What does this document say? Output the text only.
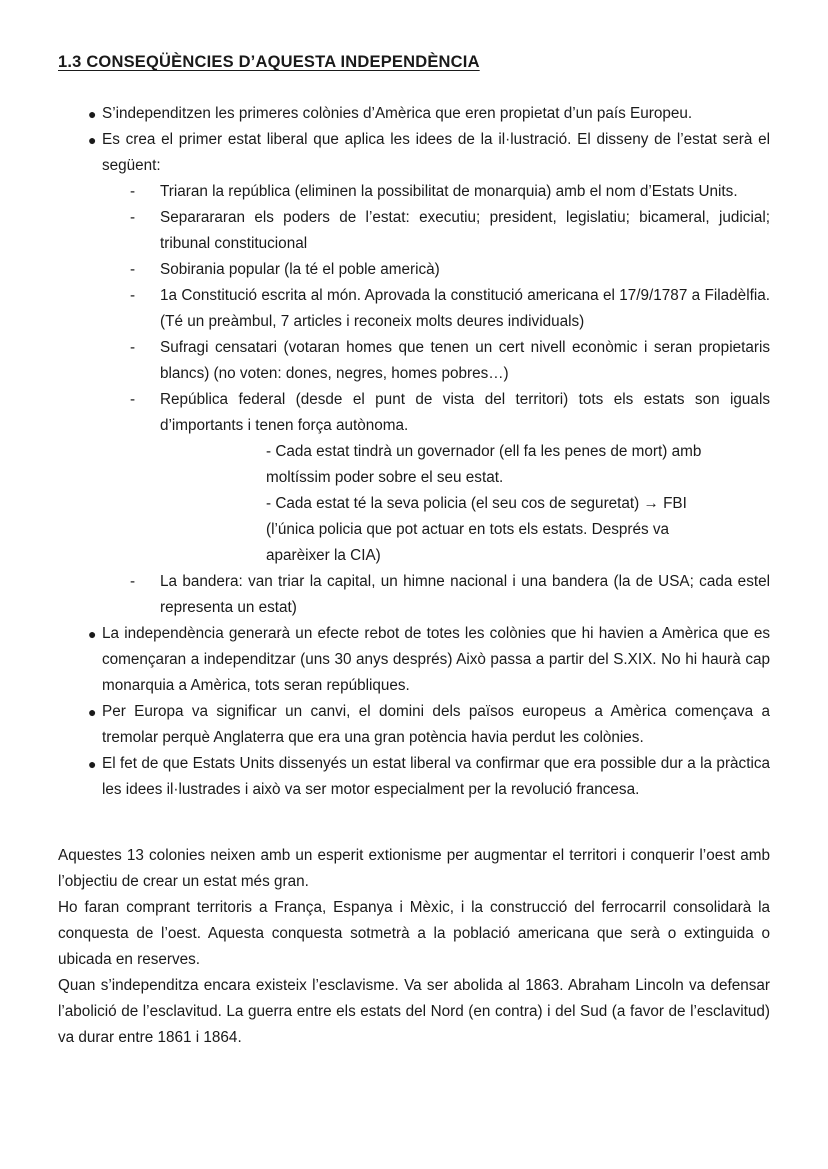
1.3 CONSEQÜÈNCIES D’AQUESTA INDEPENDÈNCIA
● S’independitzen les primeres colònies d’Amèrica que eren propietat d’un país Europeu.

● Es crea el primer estat liberal que aplica les idees de la il·lustració. El disseny de l’estat serà el següent:

- Triaran la república (eliminen la possibilitat de monarquia) amb el nom d’Estats Units.

- Separararan els poders de l’estat: executiu; president, legislatiu; bicameral, judicial; tribunal constitucional

- Sobirania popular (la té el poble americà)

- 1a Constitució escrita al món. Aprovada la constitució americana el 17/9/1787 a Filadèlfia. (Té un preàmbul, 7 articles i reconeix molts deures individuals)

- Sufragi censatari (votaran homes que tenen un cert nivell econòmic i seran propietaris blancs) (no voten: dones, negres, homes pobres…)

- República federal (desde el punt de vista del territori) tots els estats son iguals d’importants i tenen força autònoma.

- Cada estat tindrà un governador (ell fa les penes de mort) amb

moltíssim poder sobre el seu estat.

- Cada estat té la seva policia (el seu cos de seguretat) → FBI

(l’única policia que pot actuar en tots els estats. Després va

aparèixer la CIA)

- La bandera: van triar la capital, un himne nacional i una bandera (la de USA; cada estel representa un estat)

● La independència generarà un efecte rebot de totes les colònies que hi havien a Amèrica que es començaran a independitzar (uns 30 anys després) Això passa a partir del S.XIX. No hi haurà cap monarquia a Amèrica, tots seran repúbliques.

● Per Europa va significar un canvi, el domini dels països europeus a Amèrica començava a tremolar perquè Anglaterra que era una gran potència havia perdut les colònies.

● El fet de que Estats Units dissenyés un estat liberal va confirmar que era possible dur a la pràctica les idees il·lustrades i això va ser motor especialment per la revolució francesa.

Aquestes 13 colonies neixen amb un esperit extionisme per augmentar el territori i conquerir l’oest amb l’objectiu de crear un estat més gran.

Ho faran comprant territoris a França, Espanya i Mèxic, i la construcció del ferrocarril consolidarà la conquesta de l’oest. Aquesta conquesta sotmetrà a la població americana que serà o extinguida o ubicada en reserves.

Quan s’independitza encara existeix l’esclavisme. Va ser abolida al 1863. Abraham Lincoln va defensar l’abolició de l’esclavitud. La guerra entre els estats del Nord (en contra) i del Sud (a favor de l’esclavitud) va durar entre 1861 i 1864.
